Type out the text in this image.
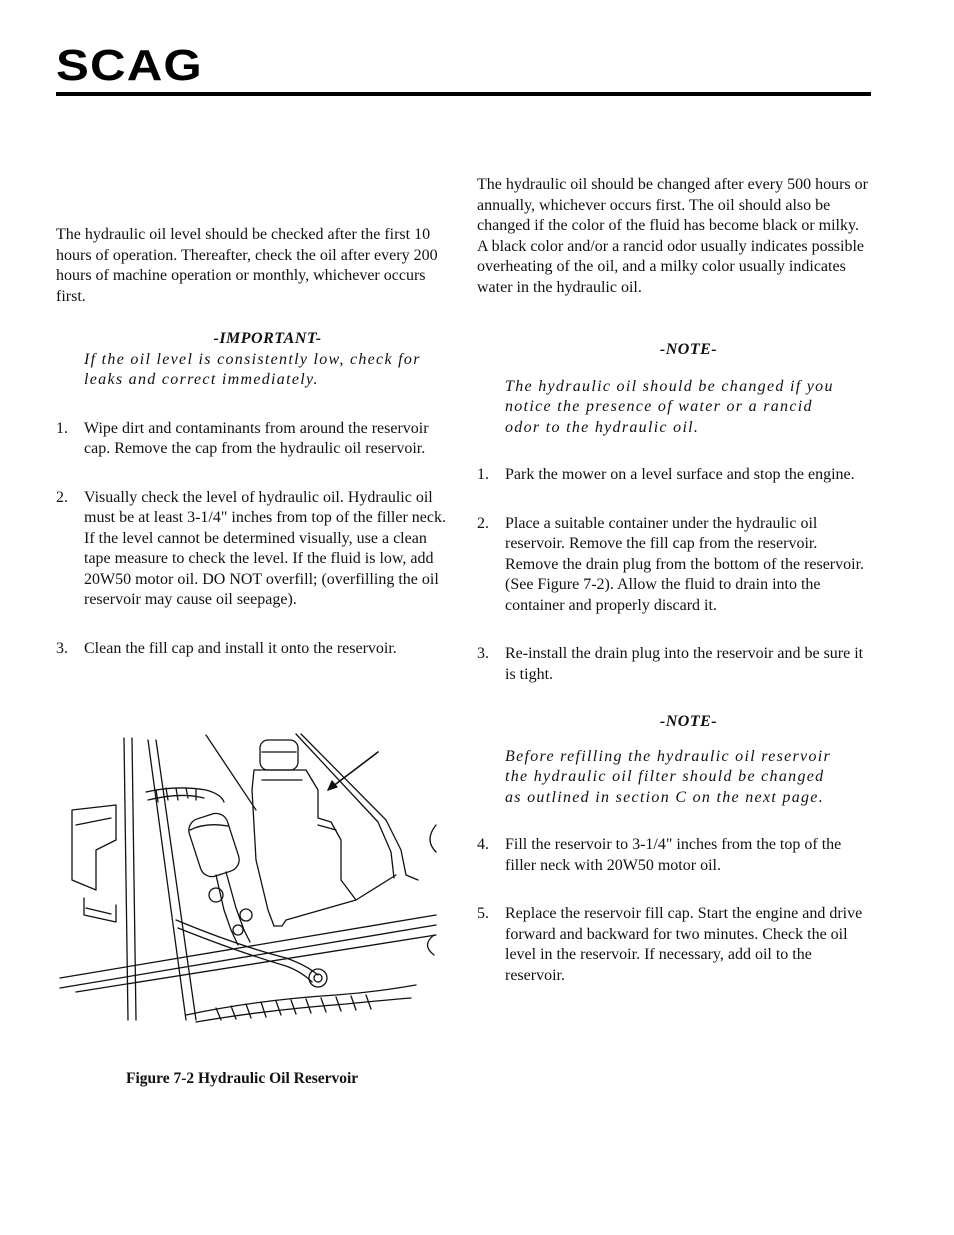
SCAG

The hydraulic oil level should be checked after the first 10 hours of operation. Thereafter, check the oil after every 200 hours of machine operation or monthly, whichever occurs first.

-IMPORTANT-

If the oil level is consistently low, check for leaks and correct immediately.

1.	Wipe dirt and contaminants from around the reservoir cap. Remove the cap from the hydraulic oil reservoir.
2.	Visually check the level of hydraulic oil. Hydraulic oil must be at least 3-1/4" inches from top of the filler neck. If the level cannot be determined visually, use a clean tape measure to check the level. If the fluid is low, add 20W50 motor oil. DO NOT overfill; (overfilling the oil reservoir may cause oil seepage).
3.	Clean the fill cap and install it onto the reservoir.
Figure 7-2 Hydraulic Oil Reservoir

The hydraulic oil should be changed after every 500 hours or annually, whichever occurs first. The oil should also be changed if the color of the fluid has become black or milky. A black color and/or a rancid odor usually indicates possible overheating of the oil, and a milky color usually indicates water in the hydraulic oil.

-NOTE-

The hydraulic oil should be changed if you notice the presence of water or a rancid odor to the hydraulic oil.

1.	Park the mower on a level surface and stop the engine.
2.	Place a suitable container under the hydraulic oil reservoir. Remove the fill cap from the reservoir. Remove the drain plug from the bottom of the reservoir. (See Figure 7-2). Allow the fluid to drain into the container and properly discard it.
3.	Re-install the drain plug into the reservoir and be sure it is tight.
-NOTE-

Before refilling the hydraulic oil reservoir the hydraulic oil filter should be changed as outlined in section C on the next page.

4.	Fill the reservoir to 3-1/4" inches from the top of the filler neck with 20W50 motor oil.
5.	Replace the reservoir fill cap. Start the engine and drive forward and backward for two minutes. Check the oil level in the reservoir. If necessary, add oil to the reservoir.
